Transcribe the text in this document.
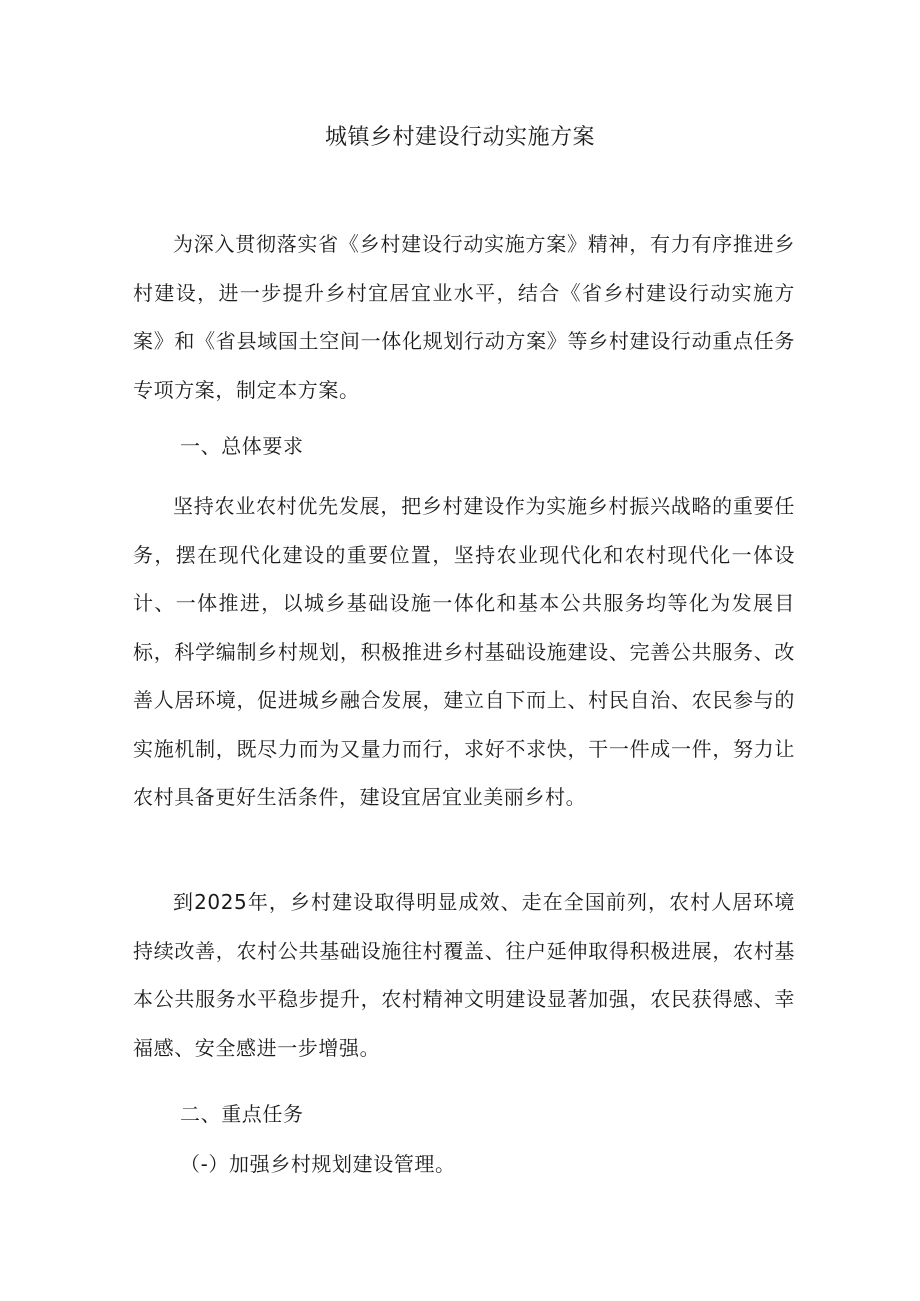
城镇乡村建设行动实施方案

为深入贯彻落实省《乡村建设行动实施方案》精神，有力有序推进乡村建设，进一步提升乡村宜居宜业水平，结合《省乡村建设行动实施方案》和《省县域国土空间一体化规划行动方案》等乡村建设行动重点任务专项方案，制定本方案。

一、总体要求

坚持农业农村优先发展，把乡村建设作为实施乡村振兴战略的重要任务，摆在现代化建设的重要位置，坚持农业现代化和农村现代化一体设计、一体推进，以城乡基础设施一体化和基本公共服务均等化为发展目标，科学编制乡村规划，积极推进乡村基础设施建设、完善公共服务、改善人居环境，促进城乡融合发展，建立自下而上、村民自治、农民参与的实施机制，既尽力而为又量力而行，求好不求快，干一件成一件，努力让农村具备更好生活条件，建设宜居宜业美丽乡村。

到2025年，乡村建设取得明显成效、走在全国前列，农村人居环境持续改善，农村公共基础设施往村覆盖、往户延伸取得积极进展，农村基本公共服务水平稳步提升，农村精神文明建设显著加强，农民获得感、幸福感、安全感进一步增强。

二、重点任务

（-）加强乡村规划建设管理。
